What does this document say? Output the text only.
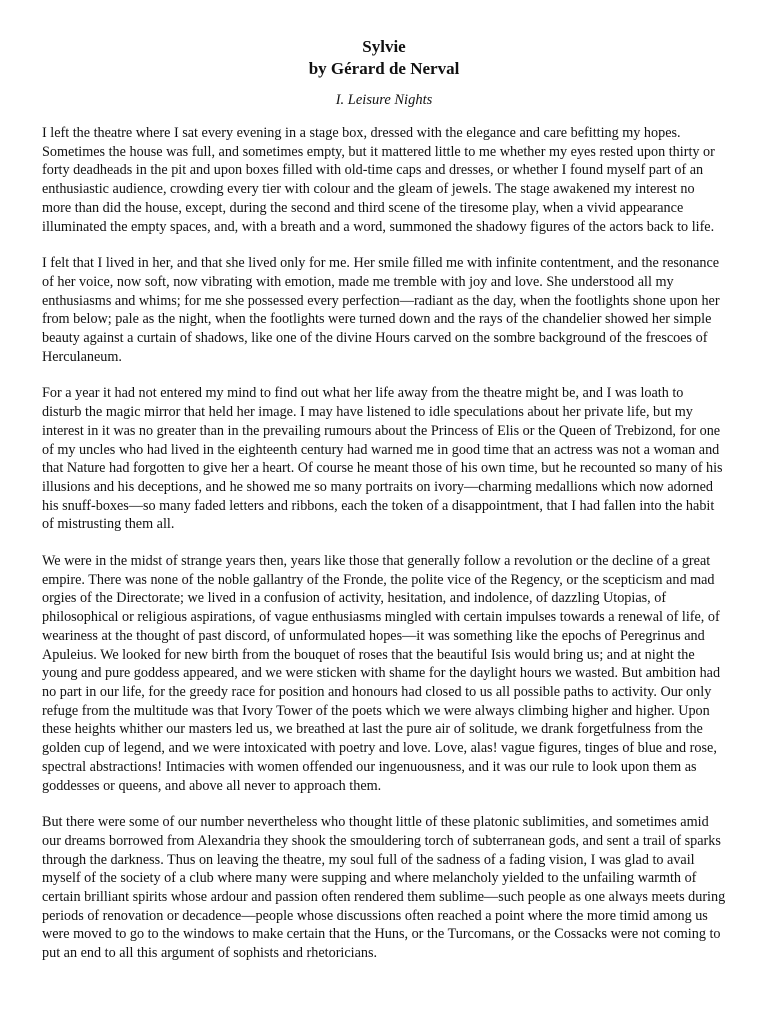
Sylvie
by Gérard de Nerval
I. Leisure Nights

I left the theatre where I sat every evening in a stage box, dressed with the elegance and care befitting my hopes. Sometimes the house was full, and sometimes empty, but it mattered little to me whether my eyes rested upon thirty or forty deadheads in the pit and upon boxes filled with old-time caps and dresses, or whether I found myself part of an enthusiastic audience, crowding every tier with colour and the gleam of jewels. The stage awakened my interest no more than did the house, except, during the second and third scene of the tiresome play, when a vivid appearance illuminated the empty spaces, and, with a breath and a word, summoned the shadowy figures of the actors back to life.

I felt that I lived in her, and that she lived only for me. Her smile filled me with infinite contentment, and the resonance of her voice, now soft, now vibrating with emotion, made me tremble with joy and love. She understood all my enthusiasms and whims; for me she possessed every perfection—radiant as the day, when the footlights shone upon her from below; pale as the night, when the footlights were turned down and the rays of the chandelier showed her simple beauty against a curtain of shadows, like one of the divine Hours carved on the sombre background of the frescoes of Herculaneum.

For a year it had not entered my mind to find out what her life away from the theatre might be, and I was loath to disturb the magic mirror that held her image. I may have listened to idle speculations about her private life, but my interest in it was no greater than in the prevailing rumours about the Princess of Elis or the Queen of Trebizond, for one of my uncles who had lived in the eighteenth century had warned me in good time that an actress was not a woman and that Nature had forgotten to give her a heart. Of course he meant those of his own time, but he recounted so many of his illusions and his deceptions, and he showed me so many portraits on ivory—charming medallions which now adorned his snuff-boxes—so many faded letters and ribbons, each the token of a disappointment, that I had fallen into the habit of mistrusting them all.

We were in the midst of strange years then, years like those that generally follow a revolution or the decline of a great empire. There was none of the noble gallantry of the Fronde, the polite vice of the Regency, or the scepticism and mad orgies of the Directorate; we lived in a confusion of activity, hesitation, and indolence, of dazzling Utopias, of philosophical or religious aspirations, of vague enthusiasms mingled with certain impulses towards a renewal of life, of weariness at the thought of past discord, of unformulated hopes—it was something like the epochs of Peregrinus and Apuleius. We looked for new birth from the bouquet of roses that the beautiful Isis would bring us; and at night the young and pure goddess appeared, and we were sticken with shame for the daylight hours we wasted. But ambition had no part in our life, for the greedy race for position and honours had closed to us all possible paths to activity. Our only refuge from the multitude was that Ivory Tower of the poets which we were always climbing higher and higher. Upon these heights whither our masters led us, we breathed at last the pure air of solitude, we drank forgetfulness from the golden cup of legend, and we were intoxicated with poetry and love. Love, alas! vague figures, tinges of blue and rose, spectral abstractions! Intimacies with women offended our ingenuousness, and it was our rule to look upon them as goddesses or queens, and above all never to approach them.

But there were some of our number nevertheless who thought little of these platonic sublimities, and sometimes amid our dreams borrowed from Alexandria they shook the smouldering torch of subterranean gods, and sent a trail of sparks through the darkness. Thus on leaving the theatre, my soul full of the sadness of a fading vision, I was glad to avail myself of the society of a club where many were supping and where melancholy yielded to the unfailing warmth of certain brilliant spirits whose ardour and passion often rendered them sublime—such people as one always meets during periods of renovation or decadence—people whose discussions often reached a point where the more timid among us were moved to go to the windows to make certain that the Huns, or the Turcomans, or the Cossacks were not coming to put an end to all this argument of sophists and rhetoricians.
